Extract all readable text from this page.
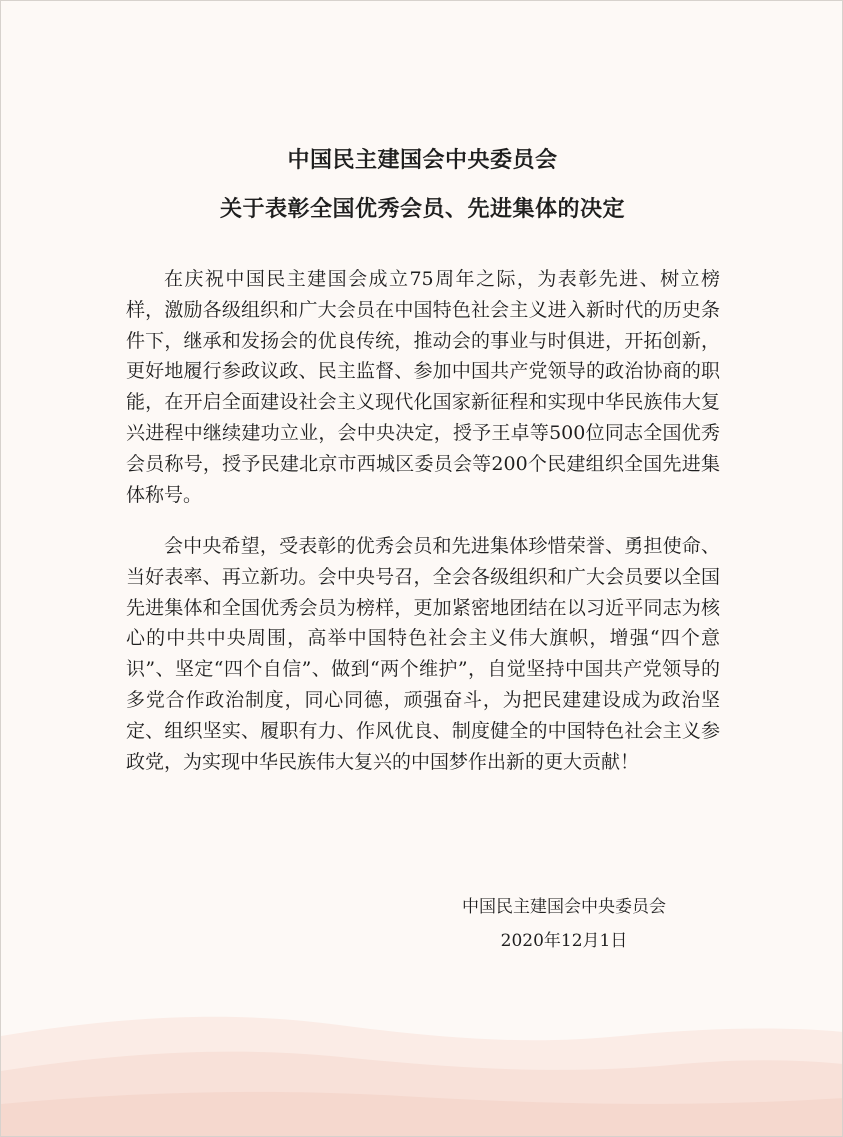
中国民主建国会中央委员会
关于表彰全国优秀会员、先进集体的决定

在庆祝中国民主建国会成立75周年之际，为表彰先进、树立榜样，激励各级组织和广大会员在中国特色社会主义进入新时代的历史条件下，继承和发扬会的优良传统，推动会的事业与时俱进，开拓创新，更好地履行参政议政、民主监督、参加中国共产党领导的政治协商的职能，在开启全面建设社会主义现代化国家新征程和实现中华民族伟大复兴进程中继续建功立业，会中央决定，授予王卓等500位同志全国优秀会员称号，授予民建北京市西城区委员会等200个民建组织全国先进集体称号。

会中央希望，受表彰的优秀会员和先进集体珍惜荣誉、勇担使命、当好表率、再立新功。会中央号召，全会各级组织和广大会员要以全国先进集体和全国优秀会员为榜样，更加紧密地团结在以习近平同志为核心的中共中央周围，高举中国特色社会主义伟大旗帜，增强“四个意识”、坚定“四个自信”、做到“两个维护”，自觉坚持中国共产党领导的多党合作政治制度，同心同德，顽强奋斗，为把民建建设成为政治坚定、组织坚实、履职有力、作风优良、制度健全的中国特色社会主义参政党，为实现中华民族伟大复兴的中国梦作出新的更大贡献！

中国民主建国会中央委员会
2020年12月1日
